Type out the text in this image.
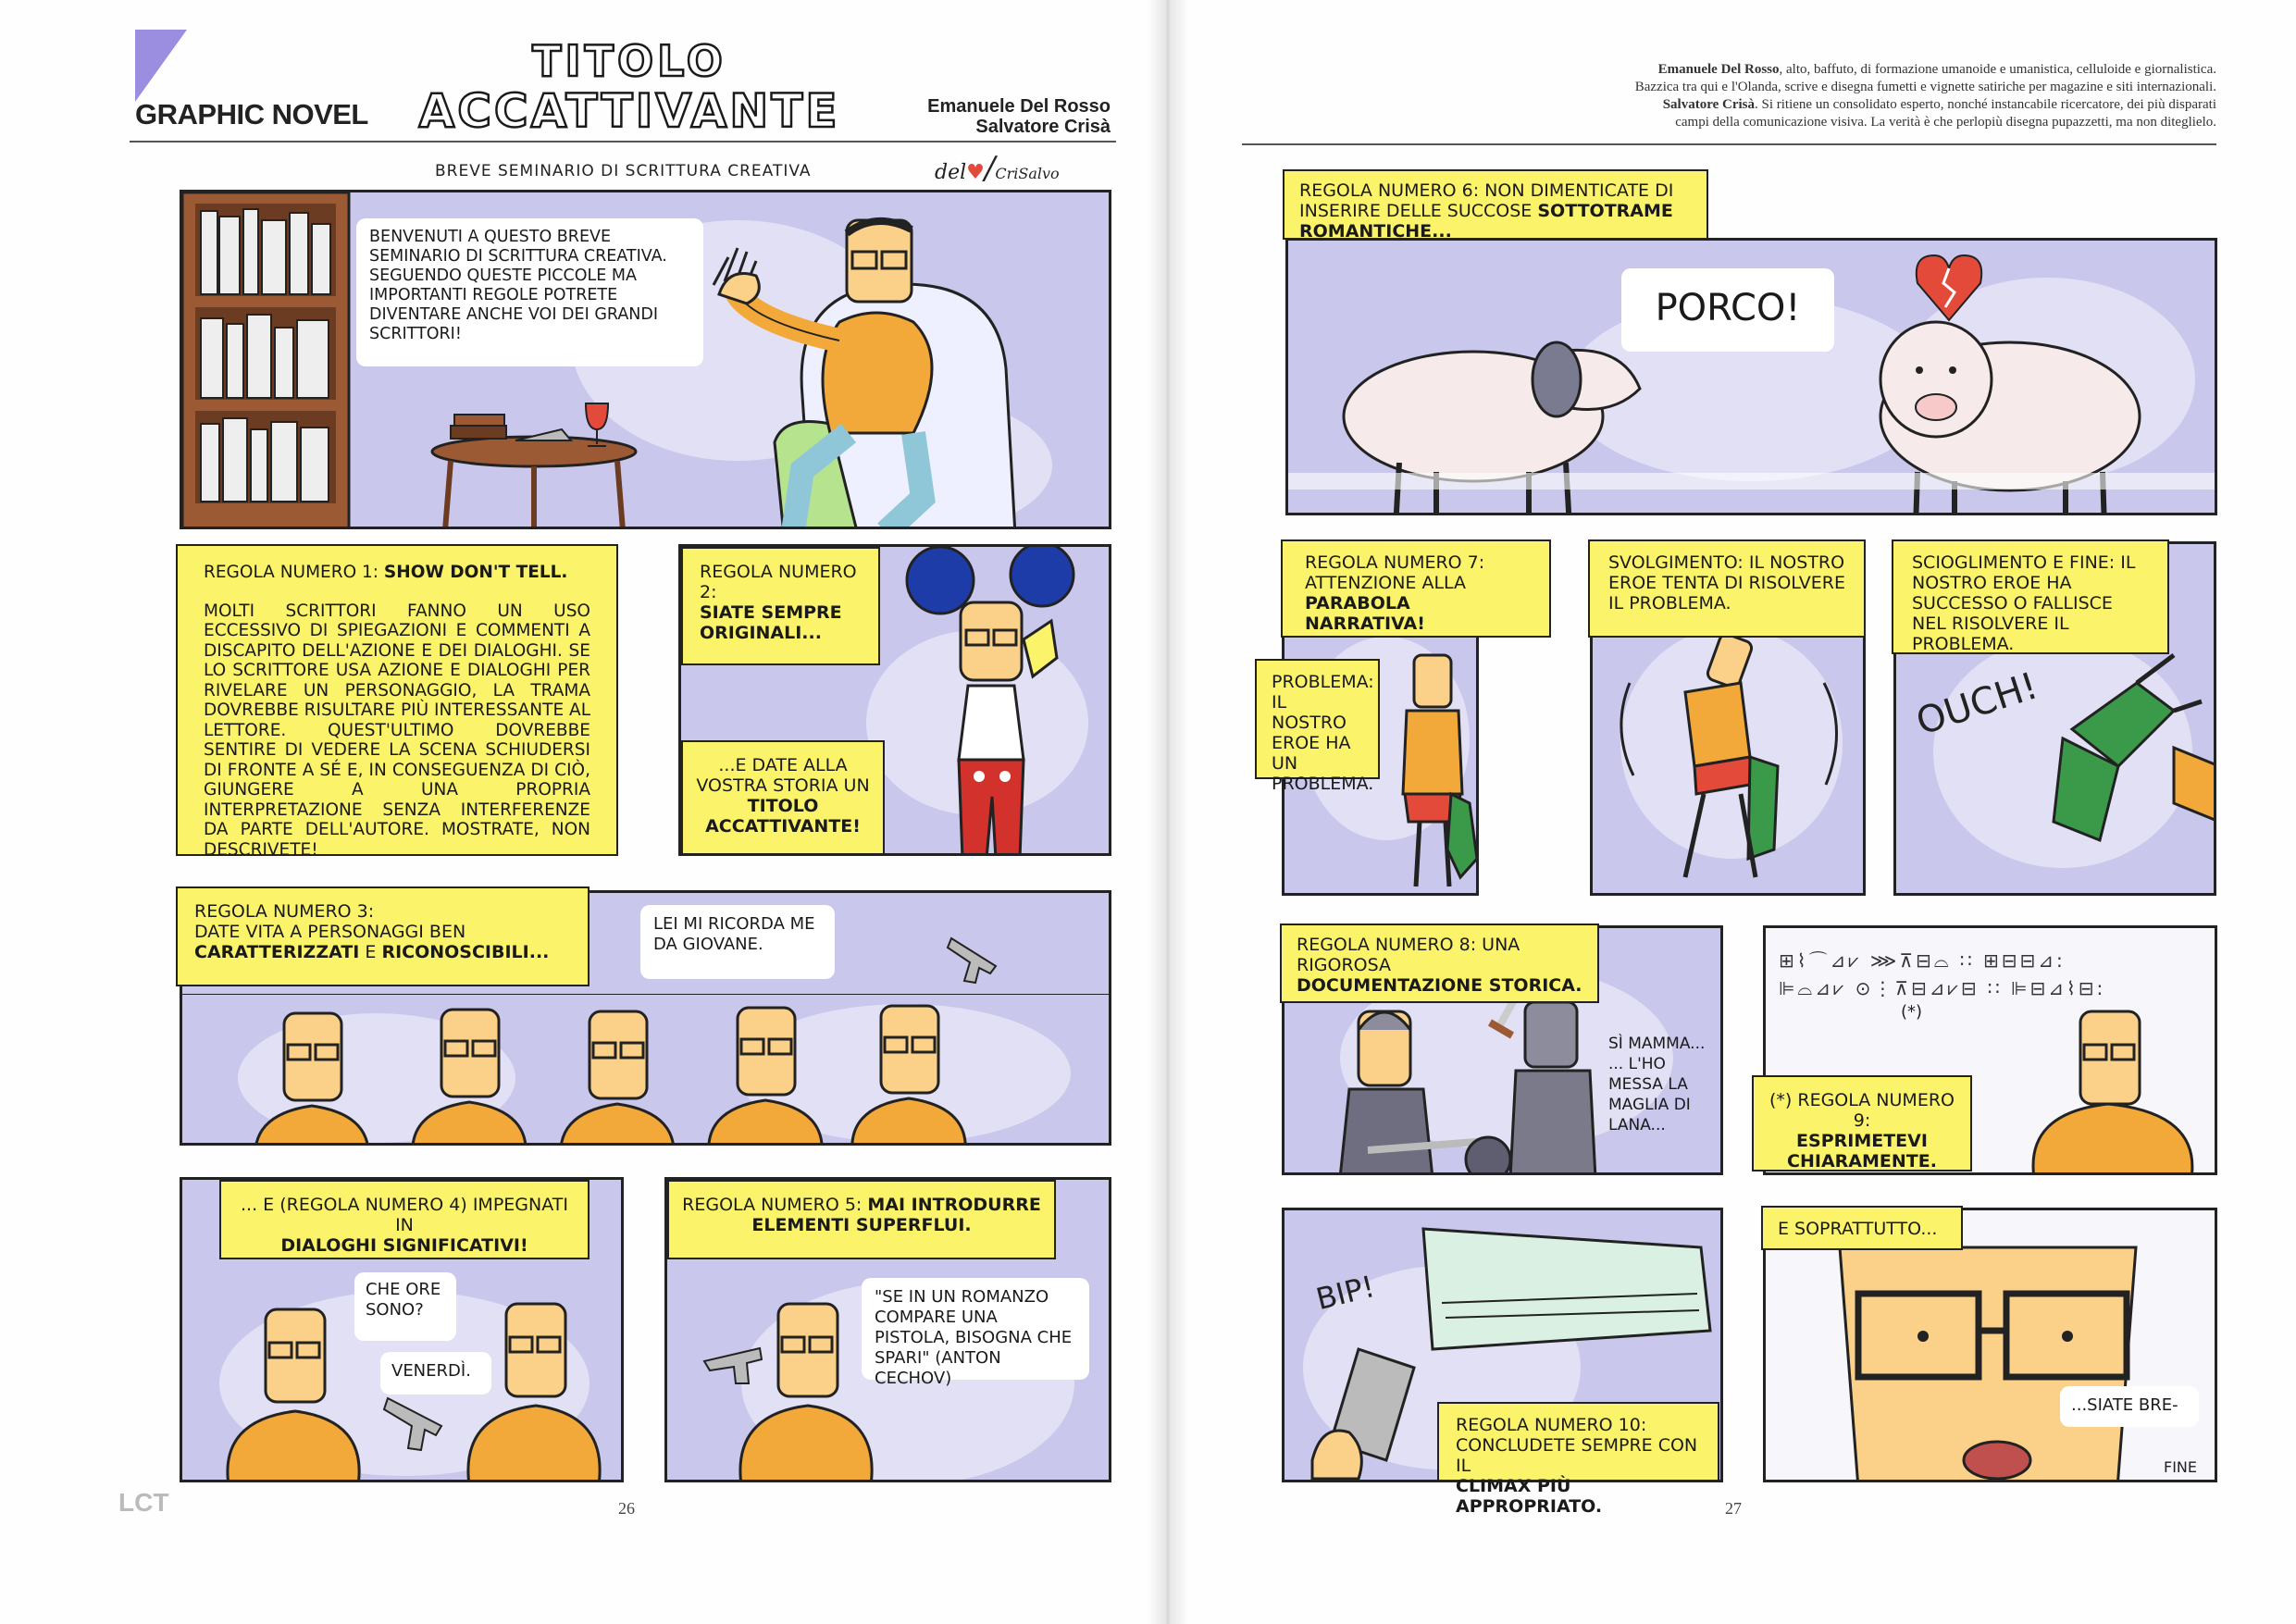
GRAPHIC NOVEL
TITOLO
ACCATTIVANTE	Emanuele Del Rosso
Salvatore Crisà
BREVE SEMINARIO DI SCRITTURA CREATIVA	del♥/CriSalvo
BENVENUTI A QUESTO BREVE SEMINARIO DI SCRITTURA CREATIVA. SEGUENDO QUESTE PICCOLE MA IMPORTANTI REGOLE POTRETE DIVENTARE ANCHE VOI DEI GRANDI SCRITTORI!
REGOLA NUMERO 1: SHOW DON'T TELL.
MOLTI SCRITTORI FANNO UN USO ECCESSIVO DI SPIEGAZIONI E COMMENTI A DISCAPITO DELL'AZIONE E DEI DIALOGHI. SE LO SCRITTORE USA AZIONE E DIALOGHI PER RIVELARE UN PERSONAGGIO, LA TRAMA DOVREBBE RISULTARE PIÙ INTERESSANTE AL LETTORE. QUEST'ULTIMO DOVREBBE SENTIRE DI VEDERE LA SCENA SCHIUDERSI DI FRONTE A SÉ E, IN CONSEGUENZA DI CIÒ, GIUNGERE A UNA PROPRIA INTERPRETAZIONE SENZA INTERFERENZE DA PARTE DELL'AUTORE. MOSTRATE, NON DESCRIVETE!
REGOLA NUMERO 2:
SIATE SEMPRE ORIGINALI...
...E DATE ALLA VOSTRA STORIA UN
TITOLO ACCATTIVANTE!
REGOLA NUMERO 3:
DATE VITA A PERSONAGGI BEN
CARATTERIZZATI E RICONOSCIBILI...
LEI MI RICORDA ME DA GIOVANE.
... E (REGOLA NUMERO 4) IMPEGNATI IN
DIALOGHI SIGNIFICATIVI!
CHE ORE SONO?
VENERDÌ.
REGOLA NUMERO 5: MAI INTRODURRE ELEMENTI SUPERFLUI.
"SE IN UN ROMANZO COMPARE UNA PISTOLA, BISOGNA CHE SPARI" (ANTON CECHOV)
LCT	26
Emanuele Del Rosso, alto, baffuto, di formazione umanoide e umanistica, celluloide e giornalistica.
Bazzica tra qui e l'Olanda, scrive e disegna fumetti e vignette satiriche per magazine e siti internazionali.
Salvatore Crisà. Si ritiene un consolidato esperto, nonché instancabile ricercatore, dei più disparati
campi della comunicazione visiva. La verità è che perlopiù disegna pupazzetti, ma non diteglielo.
PORCO!
REGOLA NUMERO 6: NON DIMENTICATE DI INSERIRE DELLE SUCCOSE SOTTOTRAME ROMANTICHE...
REGOLA NUMERO 7: ATTENZIONE ALLA
PARABOLA NARRATIVA!
PROBLEMA: IL NOSTRO EROE HA UN PROBLEMA.
SVOLGIMENTO: IL NOSTRO EROE TENTA DI RISOLVERE IL PROBLEMA.
OUCH!
SCIOGLIMENTO E FINE: IL NOSTRO EROE HA SUCCESSO O FALLISCE NEL RISOLVERE IL PROBLEMA.
SÌ MAMMA... ... L'HO MESSA LA MAGLIA DI LANA...
REGOLA NUMERO 8: UNA RIGOROSA
DOCUMENTAZIONE STORICA.
⊞⌇⌒⊿⩗ ⋙⊼⊟⌓ ∷ ⊞⊟⊟⊿:
⊫⌓⊿⩗ ⊙⋮⊼⊟⊿⩗⊟ ∷ ⊫⊟⊿⌇⊟:
(*)
(*) REGOLA NUMERO 9:
ESPRIMETEVI CHIARAMENTE.
BIP!
REGOLA NUMERO 10: CONCLUDETE SEMPRE CON IL
CLIMAX PIÙ APPROPRIATO.
...SIATE BRE-
FINE
E SOPRATTUTTO...
27
